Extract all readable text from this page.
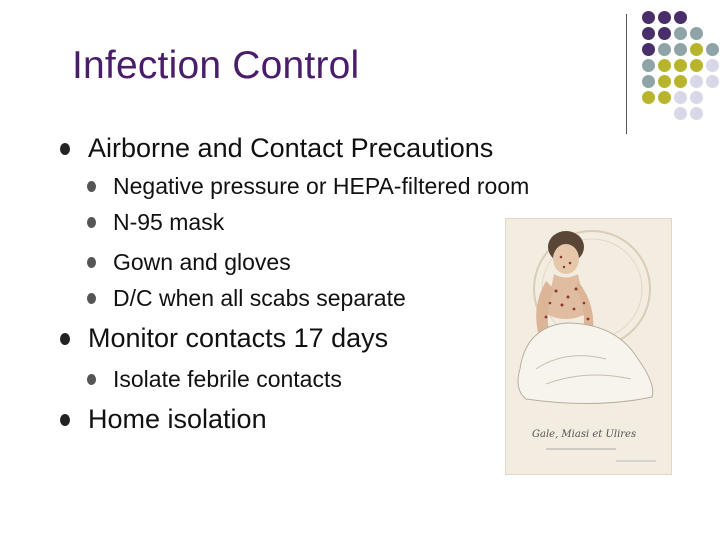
Infection Control
Airborne and Contact Precautions
Negative pressure or HEPA-filtered room
N-95 mask
Gown and gloves
D/C when all scabs separate
Monitor contacts 17 days
Isolate febrile contacts
Home isolation
Gale, Miasi et Ulires
